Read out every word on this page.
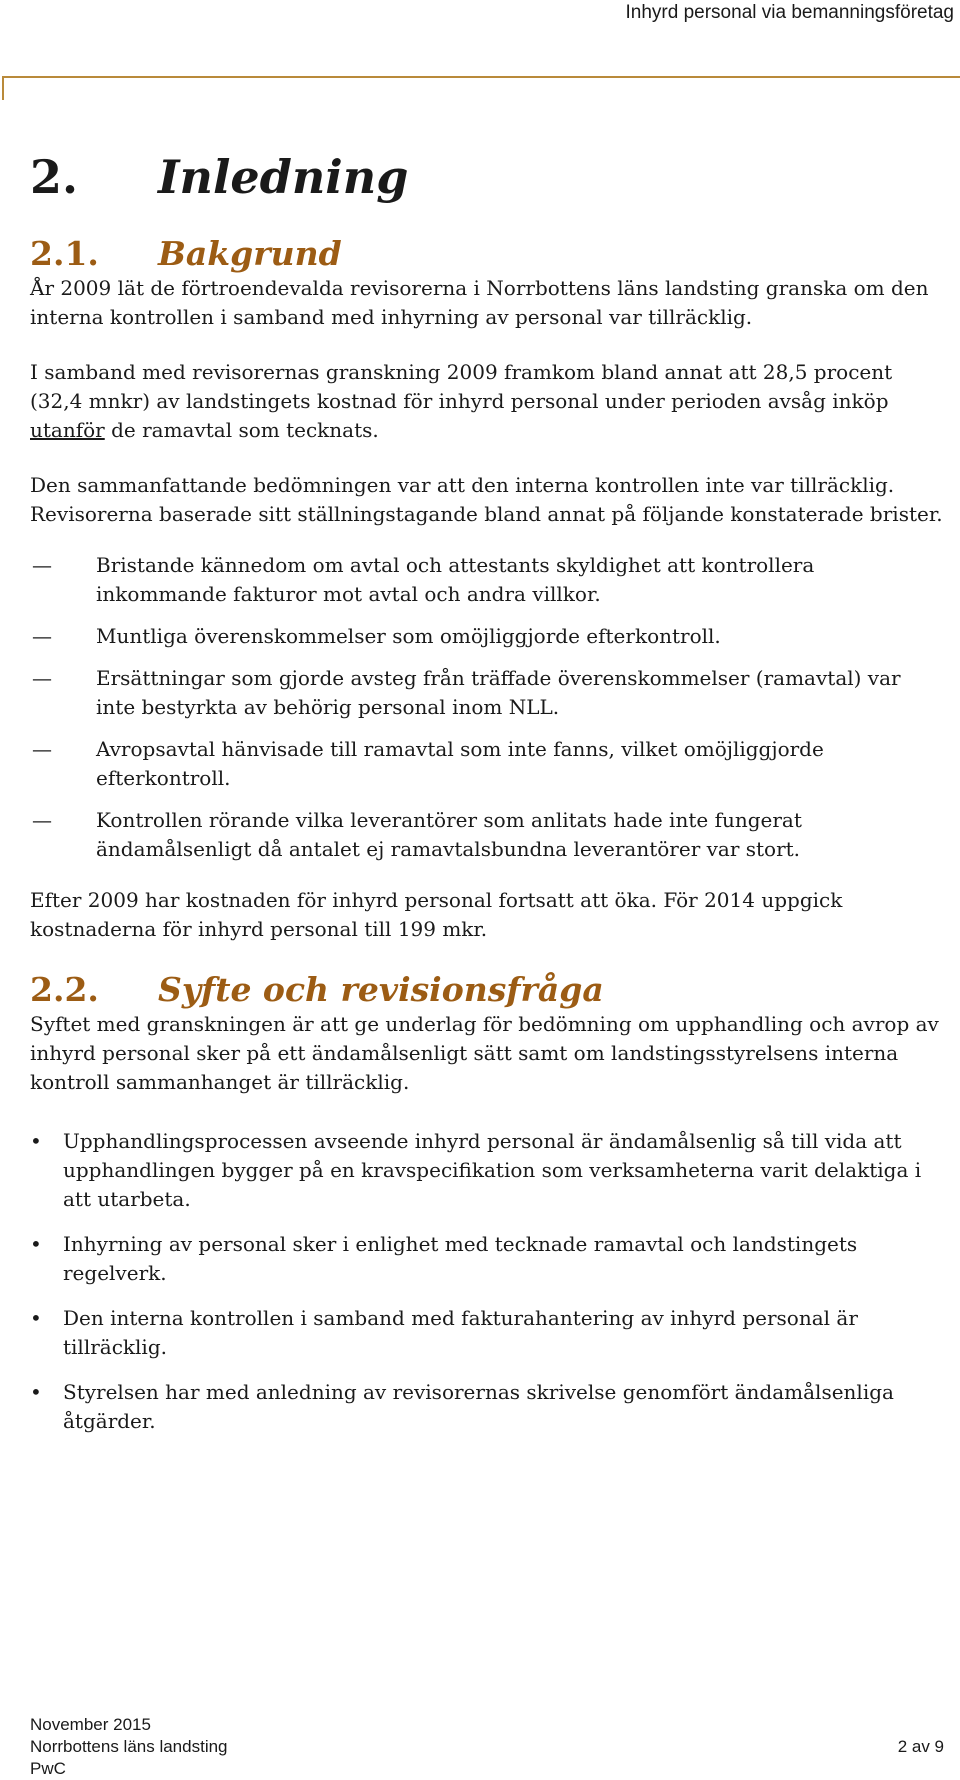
Inhyrd personal via bemanningsföretag
2.	Inledning
2.1.	Bakgrund

År 2009 lät de förtroendevalda revisorerna i Norrbottens läns landsting granska om den interna kontrollen i samband med inhyrning av personal var tillräcklig.

I samband med revisorernas granskning 2009 framkom bland annat att 28,5 procent (32,4 mnkr) av landstingets kostnad för inhyrd personal under perioden avsåg inköp utanför de ramavtal som tecknats.

Den sammanfattande bedömningen var att den interna kontrollen inte var tillräcklig. Revisorerna baserade sitt ställningstagande bland annat på följande konstaterade brister.

—	Bristande kännedom om avtal och attestants skyldighet att kontrollera inkommande fakturor mot avtal och andra villkor.
—	Muntliga överenskommelser som omöjliggjorde efterkontroll.
—	Ersättningar som gjorde avsteg från träffade överenskommelser (ramavtal) var inte bestyrkta av behörig personal inom NLL.
—	Avropsavtal hänvisade till ramavtal som inte fanns, vilket omöjliggjorde efterkontroll.
—	Kontrollen rörande vilka leverantörer som anlitats hade inte fungerat ändamålsenligt då antalet ej ramavtalsbundna leverantörer var stort.

Efter 2009 har kostnaden för inhyrd personal fortsatt att öka. För 2014 uppgick kostnaderna för inhyrd personal till 199 mkr.

2.2.	Syfte och revisionsfråga

Syftet med granskningen är att ge underlag för bedömning om upphandling och avrop av inhyrd personal sker på ett ändamålsenligt sätt samt om landstingsstyrelsens interna kontroll sammanhanget är tillräcklig.

• Upphandlingsprocessen avseende inhyrd personal är ändamålsenlig så till vida att upphandlingen bygger på en kravspecifikation som verksamheterna varit delaktiga i att utarbeta.
• Inhyrning av personal sker i enlighet med tecknade ramavtal och landstingets regelverk.
• Den interna kontrollen i samband med fakturahantering av inhyrd personal är tillräcklig.
• Styrelsen har med anledning av revisorernas skrivelse genomfört ändamålsenliga åtgärder.
November 2015
Norrbottens läns landsting	2 av 9
PwC
